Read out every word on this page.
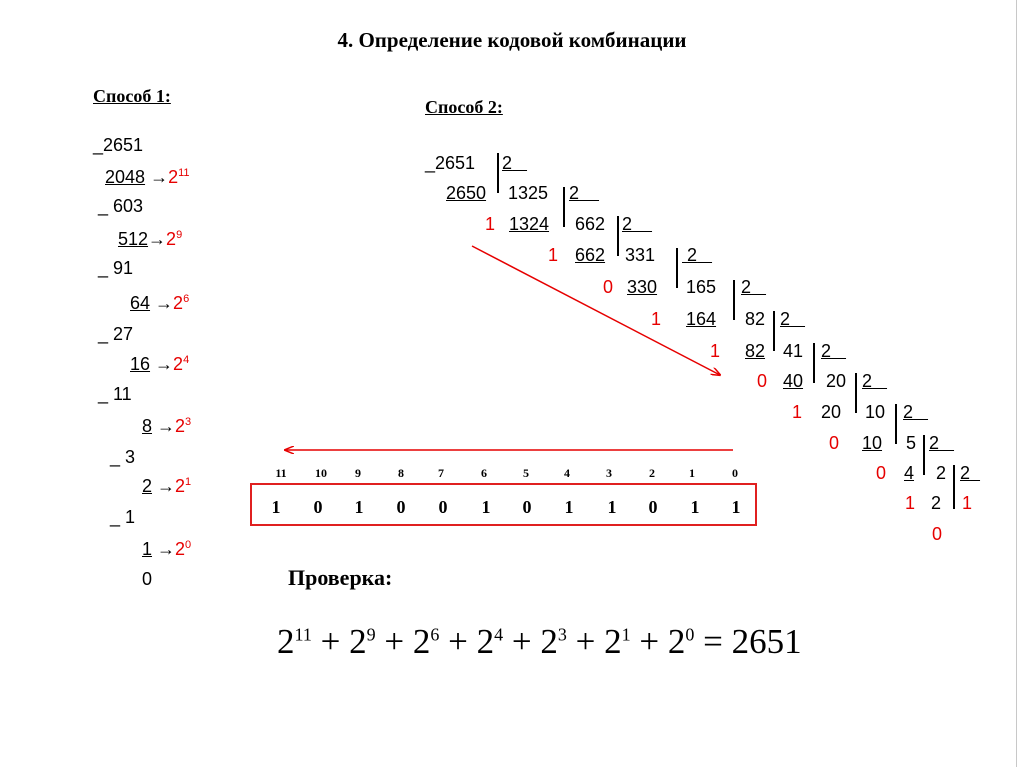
4. Определение кодовой комбинации
Способ 1:
_2651
$2048 \to 2^{11}$
_ 603
$512\to 2^9$
_ 91
$64 \to 2^6$
_ 27
$16 \to 2^4$
_ 11
$8 \to 2^3$
_ 3
$2 \to 2^1$
_ 1
$1 \to 2^0$
0
Способ 2:
_2651 2
2650 1325 2
1 1324 662 2
1 662 331 2
0 330 165 2
1 164 82 2
1 82 41 2
0 40 20 2
1 20 10 2
0 10 5 2
0 4 2 2
1 2 1
0
11	10	9	8	7	6	5	4	3	2	1	0
1	0	1	0	0	1	0	1	1	0	1	1
Проверка:
$2^{11} + 2^9 + 2^6 + 2^4 + 2^3 + 2^1 + 2^0 = 2651$
